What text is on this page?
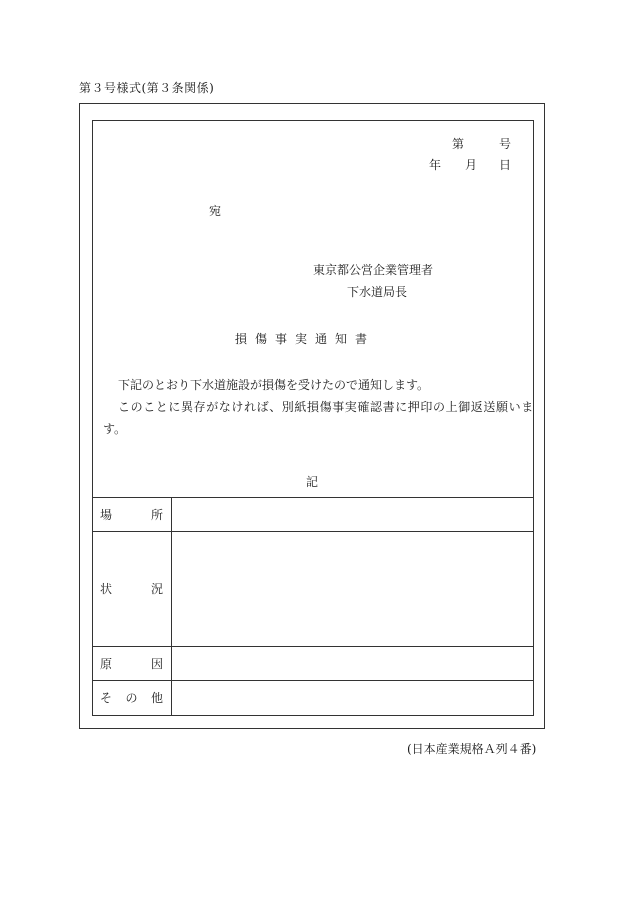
第３号様式(第３条関係)
第	号
年 月 日
宛
東京都公営企業管理者
下水道局長
損傷事実通知書
下記のとおり下水道施設が損傷を受けたので通知します。
このことに異存がなければ、別紙損傷事実確認書に押印の上御返送願いま
す。
記
場 所	

状 況	

原 因	

そ の 他	

(日本産業規格Ａ列４番)
